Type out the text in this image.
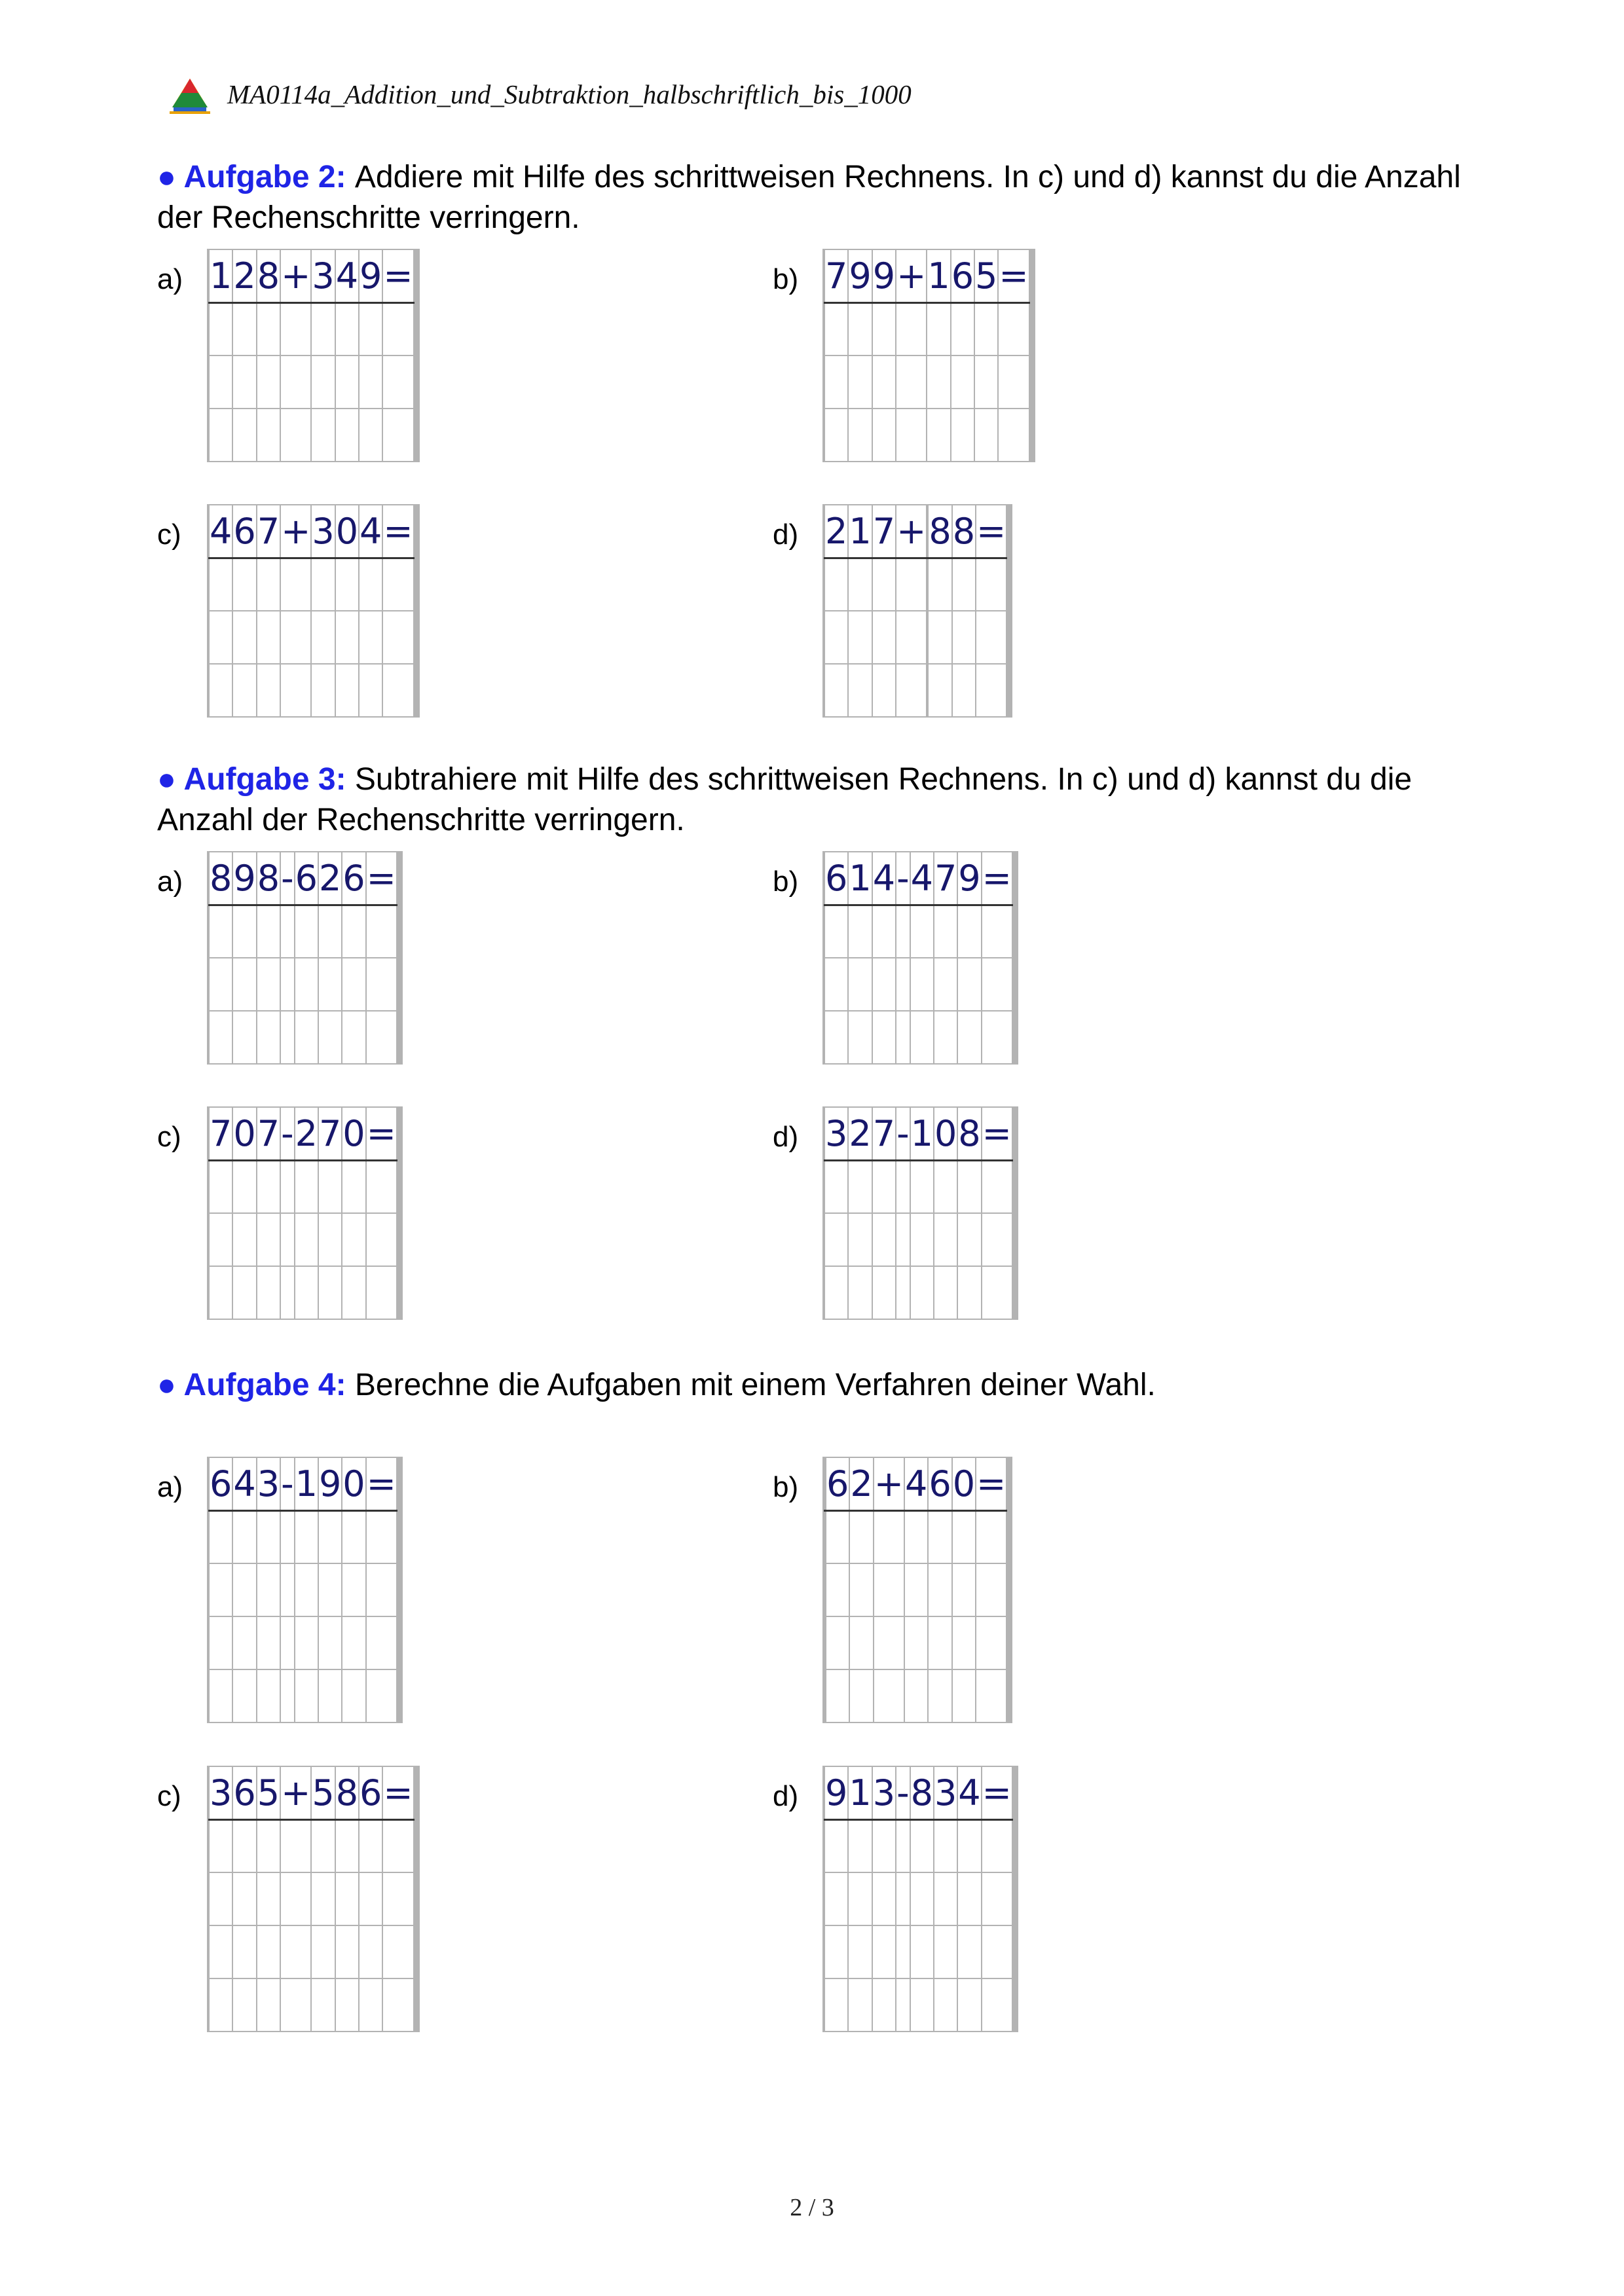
MA0114a_Addition_und_Subtraktion_halbschriftlich_bis_1000

● Aufgabe 2: Addiere mit Hilfe des schrittweisen Rechnens. In c) und d) kannst du die Anzahl der Rechenschritte verringern.

a)
	1	2	8	+	3	4	9	=				

													b)
	7	9	9	+	1	6	5	=				

c)
	4	6	7	+	3	0	4	=				

													d)
	2	1	7	+		8	8	=				

● Aufgabe 3: Subtrahiere mit Hilfe des schrittweisen Rechnens. In c) und d) kannst du die Anzahl der Rechenschritte verringern.

a)
	8	9	8	-	6	2	6	=				

													b)
	6	1	4	-	4	7	9	=				

c)
	7	0	7	-	2	7	0	=				

													d)
	3	2	7	-	1	0	8	=				

● Aufgabe 4: Berechne die Aufgaben mit einem Verfahren deiner Wahl.

a)
	6	4	3	-	1	9	0	=				

													b)
		6	2	+	4	6	0	=				

c)
	3	6	5	+	5	8	6	=				

													d)
	9	1	3	-	8	3	4	=				

2 / 3
